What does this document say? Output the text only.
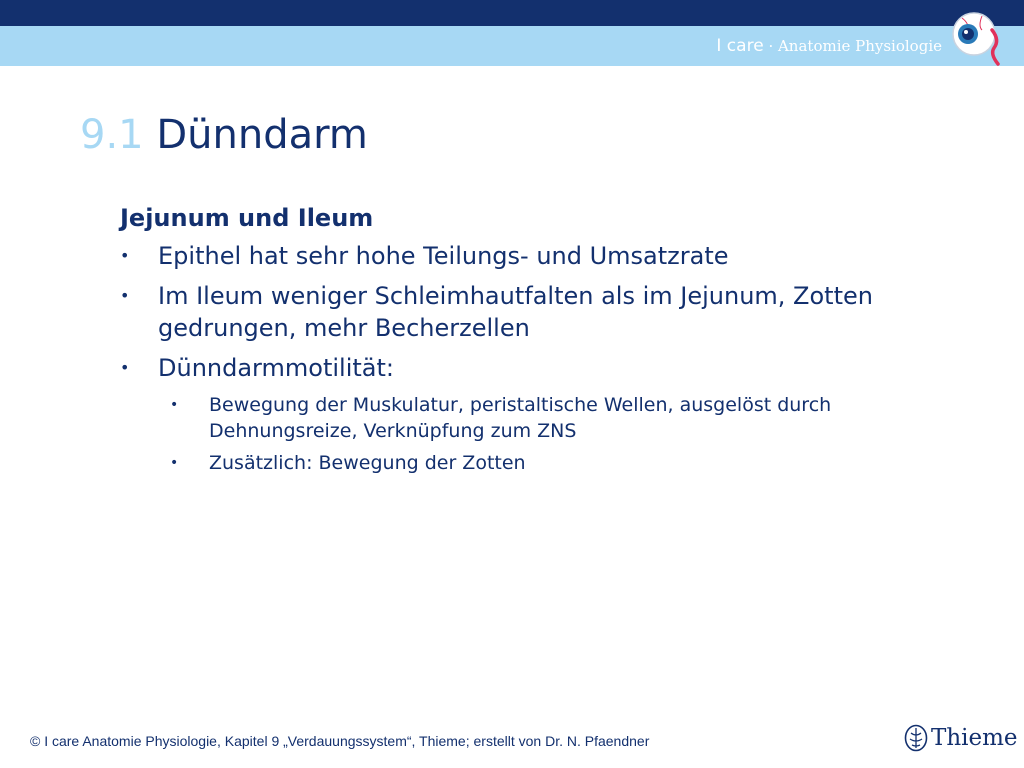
I care · Anatomie Physiologie
9.1 Dünndarm
Jejunum und Ileum
• Epithel hat sehr hohe Teilungs- und Umsatzrate
• Im Ileum weniger Schleimhautfalten als im Jejunum, Zotten gedrungen, mehr Becherzellen
• Dünndarmmotilität:
• Bewegung der Muskulatur, peristaltische Wellen, ausgelöst durch Dehnungsreize, Verknüpfung zum ZNS
• Zusätzlich: Bewegung der Zotten
© I care Anatomie Physiologie, Kapitel 9 „Verdauungssystem“, Thieme; erstellt von Dr. N. Pfaendner	Thieme
